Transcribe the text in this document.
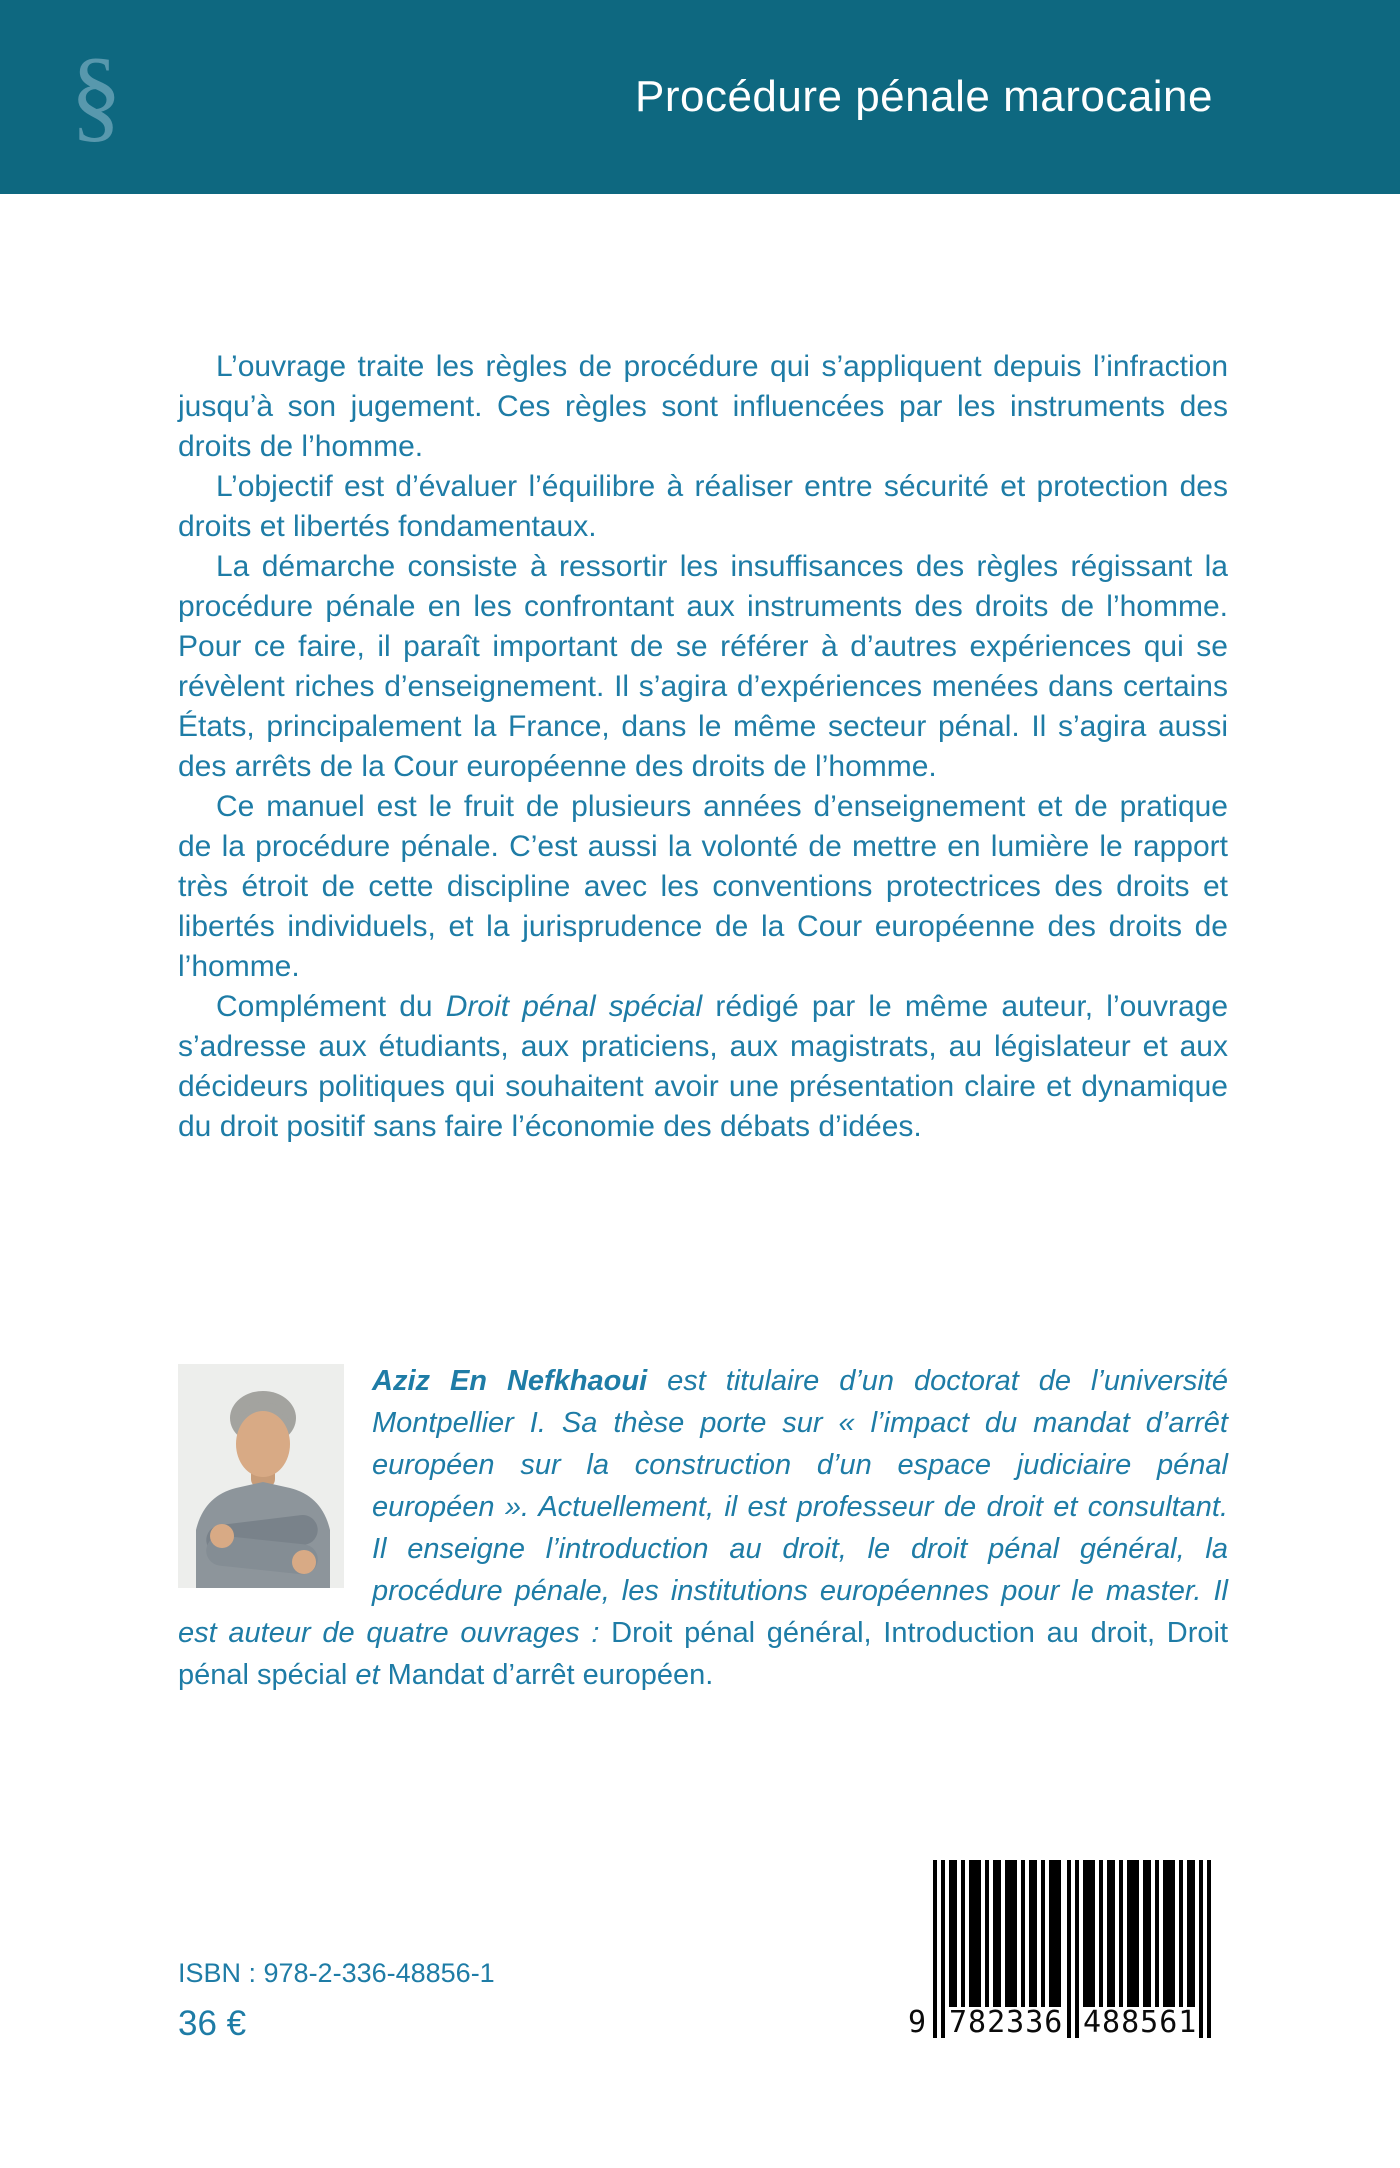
§	Procédure pénale marocaine

L’ouvrage traite les règles de procédure qui s’appliquent depuis l’infraction jusqu’à son jugement. Ces règles sont influencées par les instruments des droits de l’homme.

L’objectif est d’évaluer l’équilibre à réaliser entre sécurité et protection des droits et libertés fondamentaux.

La démarche consiste à ressortir les insuffisances des règles régissant la procédure pénale en les confrontant aux instruments des droits de l’homme. Pour ce faire, il paraît important de se référer à d’autres expériences qui se révèlent riches d’enseignement. Il s’agira d’expériences menées dans certains États, principalement la France, dans le même secteur pénal. Il s’agira aussi des arrêts de la Cour européenne des droits de l’homme.

Ce manuel est le fruit de plusieurs années d’enseignement et de pratique de la procédure pénale. C’est aussi la volonté de mettre en lumière le rapport très étroit de cette discipline avec les conventions protectrices des droits et libertés individuels, et la jurisprudence de la Cour européenne des droits de l’homme.

Complément du Droit pénal spécial rédigé par le même auteur, l’ouvrage s’adresse aux étudiants, aux praticiens, aux magistrats, au législateur et aux décideurs politiques qui souhaitent avoir une présentation claire et dynamique du droit positif sans faire l’économie des débats d’idées.

Aziz En Nefkhaoui est titulaire d’un doctorat de l’université Montpellier I. Sa thèse porte sur « l’impact du mandat d’arrêt européen sur la construction d’un espace judiciaire pénal européen ». Actuellement, il est professeur de droit et consultant. Il enseigne l’introduction au droit, le droit pénal général, la procédure pénale, les institutions européennes pour le master. Il est auteur de quatre ouvrages : Droit pénal général, Introduction au droit, Droit pénal spécial et Mandat d’arrêt européen.

ISBN : 978-2-336-48856-1
36 €	9 782336 488561
